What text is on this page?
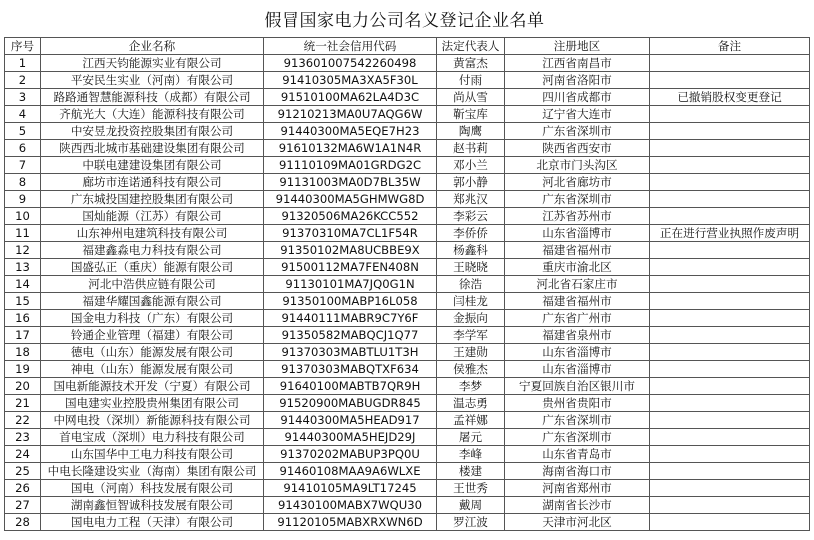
假冒国家电力公司名义登记企业名单
序号	企业名称	统一社会信用代码	法定代表人	注册地区	备注
1	江西天钧能源实业有限公司	913601007542260498	黄富杰	江西省南昌市	
2	平安民生实业（河南）有限公司	91410305MA3XA5F30L	付雨	河南省洛阳市	
3	路路通智慧能源科技（成都）有限公司	91510100MA62LA4D3C	尚从雪	四川省成都市	已撤销股权变更登记
4	齐航光大（大连）能源科技有限公司	91210213MA0U7AQG6W	靳宝库	辽宁省大连市	
5	中安昱龙投资控股集团有限公司	91440300MA5EQE7H23	陶鹰	广东省深圳市	
6	陕西西北城市基础建设集团有限公司	91610132MA6W1A1N4R	赵书莉	陕西省西安市	
7	中联电建建设集团有限公司	91110109MA01GRDG2C	邓小兰	北京市门头沟区	
8	廊坊市连诺通科技有限公司	91131003MA0D7BL35W	郭小静	河北省廊坊市	
9	广东城投国建控股集团有限公司	91440300MA5GHMWG8D	郑兆汉	广东省深圳市	
10	国灿能源（江苏）有限公司	91320506MA26KCC552	李彩云	江苏省苏州市	
11	山东神州电建筑科技有限公司	91370310MA7CL1F54R	李侨侨	山东省淄博市	正在进行营业执照作废声明
12	福建鑫淼电力科技有限公司	91350102MA8UCBBE9X	杨鑫科	福建省福州市	
13	国盛弘正（重庆）能源有限公司	91500112MA7FEN408N	王晓晓	重庆市渝北区	
14	河北中浩供应链有限公司	91130101MA7JQ0G1N	徐浩	河北省石家庄市	
15	福建华耀国鑫能源有限公司	91350100MABP16L058	闫桂龙	福建省福州市	
16	国金电力科技（广东）有限公司	91440111MABR9C7Y6F	金振向	广东省广州市	
17	铃通企业管理（福建）有限公司	91350582MABQCJ1Q77	李学军	福建省泉州市	
18	德电（山东）能源发展有限公司	91370303MABTLU1T3H	王建勋	山东省淄博市	
19	神电（山东）能源发展有限公司	91370303MABQTXF634	侯雅杰	山东省淄博市	
20	国电新能源技术开发（宁夏）有限公司	91640100MABTB7QR9H	李梦	宁夏回族自治区银川市	
21	国电建实业控股贵州集团有限公司	91520900MABUGDR845	温志勇	贵州省贵阳市	
22	中网电投（深圳）新能源科技有限公司	91440300MA5HEAD917	孟祥娜	广东省深圳市	
23	首电宝成（深圳）电力科技有限公司	91440300MA5HEJD29J	屠元	广东省深圳市	
24	山东国华中工电力科技有限公司	91370202MABUP3PQ0U	李峰	山东省青岛市	
25	中电长隆建设实业（海南）集团有限公司	91460108MAA9A6WLXE	楼建	海南省海口市	
26	国电（河南）科技发展有限公司	91410105MA9LT17245	王世秀	河南省郑州市	
27	湖南鑫恒智诚科技发展有限公司	91430100MABX7WQU30	戴周	湖南省长沙市	
28	国电电力工程（天津）有限公司	91120105MABXRXWN6D	罗江波	天津市河北区	
